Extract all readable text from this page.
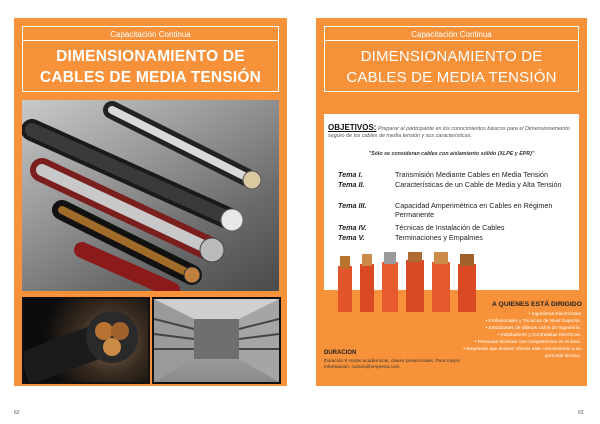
Capacitación Continua
DIMENSIONAMIENTO DE
CABLES DE MEDIA TENSIÓN
Capacitación Continua
DIMENSIONAMIENTO DE
CABLES DE MEDIA TENSIÓN
OBJETIVOS: Preparar al participante en los conocimientos básicos para el Dimensionamiento seguro de los cables de media tensión y sus características.
"Sólo se consideran cables con aislamiento sólido (XLPE y EPR)"
Tema I.	Transmisión Mediante Cables en Media Tensión
Tema II.	Características de un Cable de Media y Alta Tensión
Tema III.	Capacidad Amperimétrica en Cables en Régimen Permanente
Tema IV.	Técnicas de Instalación de Cables
Tema V.	Terminaciones y Empalmes
A QUIENES ESTÁ DIRIGIDO
• Ingenieros Electricistas
• Profesionales y Técnicos de Nivel Superior,
• Estudiantes de últimos ciclos de Ingeniería.
• Instaladores y Contratistas Eléctricos.
• Personas técnicas con competencias en el área.
• Empresas que deseen ofrecer este conocimiento a su
personal técnico.
DURACION
Duración 8 Horas académicas, clases presenciales. Para mayor información: cursos@empresa.com
62	63
